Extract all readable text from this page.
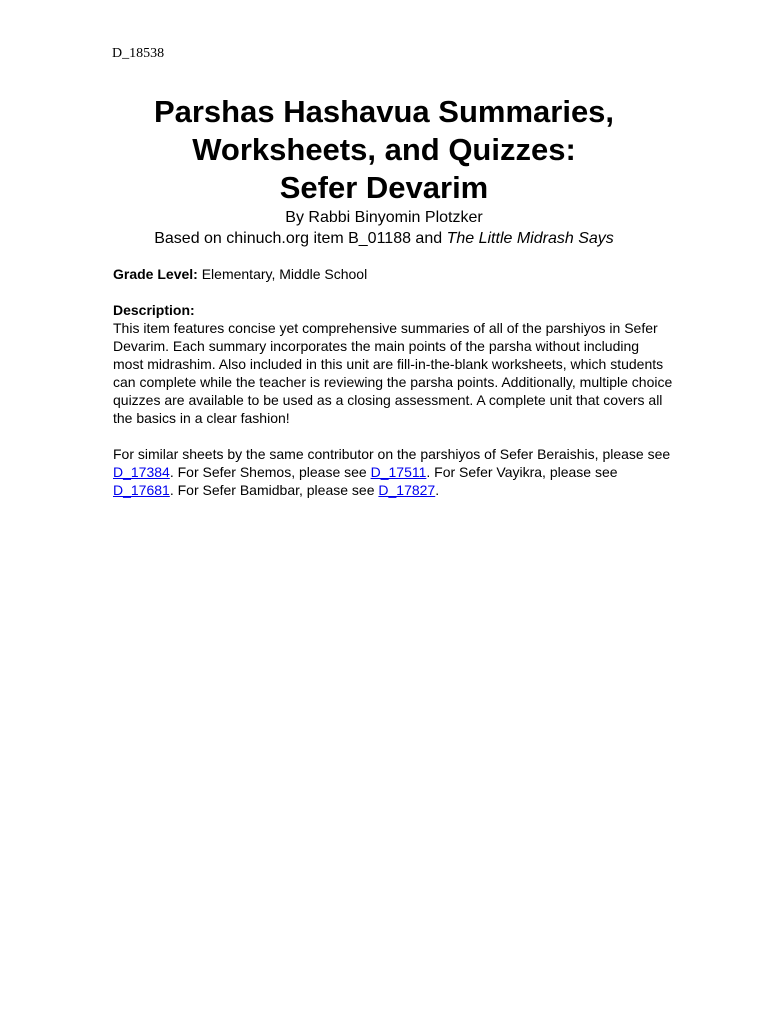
D_18538
Parshas Hashavua Summaries,
Worksheets, and Quizzes:
Sefer Devarim
By Rabbi Binyomin Plotzker
Based on chinuch.org item B_01188 and The Little Midrash Says
Grade Level: Elementary, Middle School
Description:
This item features concise yet comprehensive summaries of all of the parshiyos in Sefer Devarim. Each summary incorporates the main points of the parsha without including most midrashim. Also included in this unit are fill-in-the-blank worksheets, which students can complete while the teacher is reviewing the parsha points. Additionally, multiple choice quizzes are available to be used as a closing assessment. A complete unit that covers all the basics in a clear fashion!
For similar sheets by the same contributor on the parshiyos of Sefer Beraishis, please see D_17384. For Sefer Shemos, please see D_17511. For Sefer Vayikra, please see D_17681. For Sefer Bamidbar, please see D_17827.
